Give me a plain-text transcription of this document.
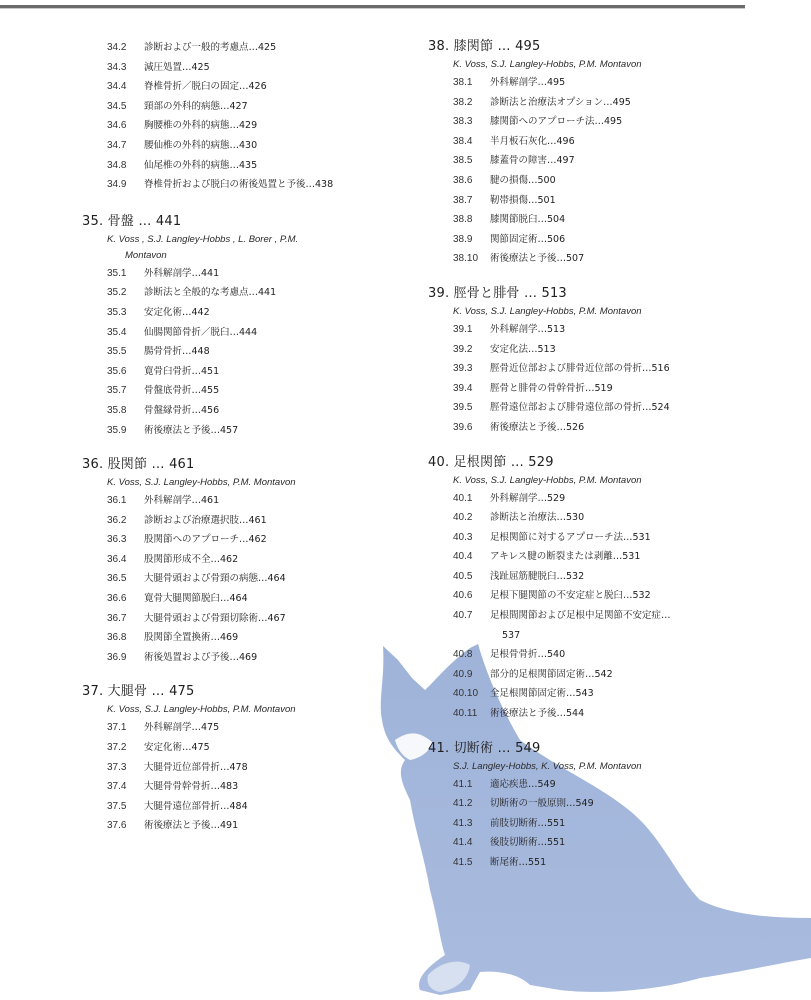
34.2	診断および一般的考慮点…425
34.3	減圧処置…425
34.4	脊椎骨折／脱臼の固定…426
34.5	頸部の外科的病態…427
34.6	胸腰椎の外科的病態…429
34.7	腰仙椎の外科的病態…430
34.8	仙尾椎の外科的病態…435
34.9	脊椎骨折および脱臼の術後処置と予後…438
35. 骨盤 … 441
K. Voss , S.J. Langley-Hobbs , L. Borer , P.M.
Montavon
35.1	外科解剖学…441
35.2	診断法と全般的な考慮点…441
35.3	安定化術…442
35.4	仙腸関節骨折／脱臼…444
35.5	腸骨骨折…448
35.6	寛骨臼骨折…451
35.7	骨盤底骨折…455
35.8	骨盤縁骨折…456
35.9	術後療法と予後…457
36. 股関節 … 461
K. Voss, S.J. Langley-Hobbs, P.M. Montavon
36.1	外科解剖学…461
36.2	診断および治療選択肢…461
36.3	股関節へのアプローチ…462
36.4	股関節形成不全…462
36.5	大腿骨頭および骨頸の病態…464
36.6	寛骨大腿関節脱臼…464
36.7	大腿骨頭および骨頸切除術…467
36.8	股関節全置換術…469
36.9	術後処置および予後…469
37. 大腿骨 … 475
K. Voss, S.J. Langley-Hobbs, P.M. Montavon
37.1	外科解剖学…475
37.2	安定化術…475
37.3	大腿骨近位部骨折…478
37.4	大腿骨骨幹骨折…483
37.5	大腿骨遠位部骨折…484
37.6	術後療法と予後…491
38. 膝関節 … 495
K. Voss, S.J. Langley-Hobbs, P.M. Montavon
38.1	外科解剖学…495
38.2	診断法と治療法オプション…495
38.3	膝関節へのアプローチ法…495
38.4	半月板石灰化…496
38.5	膝蓋骨の障害…497
38.6	腱の損傷…500
38.7	靭帯損傷…501
38.8	膝関節脱臼…504
38.9	関節固定術…506
38.10	術後療法と予後…507
39. 脛骨と腓骨 … 513
K. Voss, S.J. Langley-Hobbs, P.M. Montavon
39.1	外科解剖学…513
39.2	安定化法…513
39.3	脛骨近位部および腓骨近位部の骨折…516
39.4	脛骨と腓骨の骨幹骨折…519
39.5	脛骨遠位部および腓骨遠位部の骨折…524
39.6	術後療法と予後…526
40. 足根関節 … 529
K. Voss, S.J. Langley-Hobbs, P.M. Montavon
40.1	外科解剖学…529
40.2	診断法と治療法…530
40.3	足根関節に対するアプローチ法…531
40.4	アキレス腱の断裂または剥離…531
40.5	浅趾屈筋腱脱臼…532
40.6	足根下腿関節の不安定症と脱臼…532
40.7	足根間関節および足根中足関節不安定症…
537
40.8	足根骨骨折…540
40.9	部分的足根関節固定術…542
40.10	全足根関節固定術…543
40.11	術後療法と予後…544
41. 切断術 … 549
S.J. Langley-Hobbs, K. Voss, P.M. Montavon
41.1	適応疾患…549
41.2	切断術の一般原則…549
41.3	前肢切断術…551
41.4	後肢切断術…551
41.5	断尾術…551
